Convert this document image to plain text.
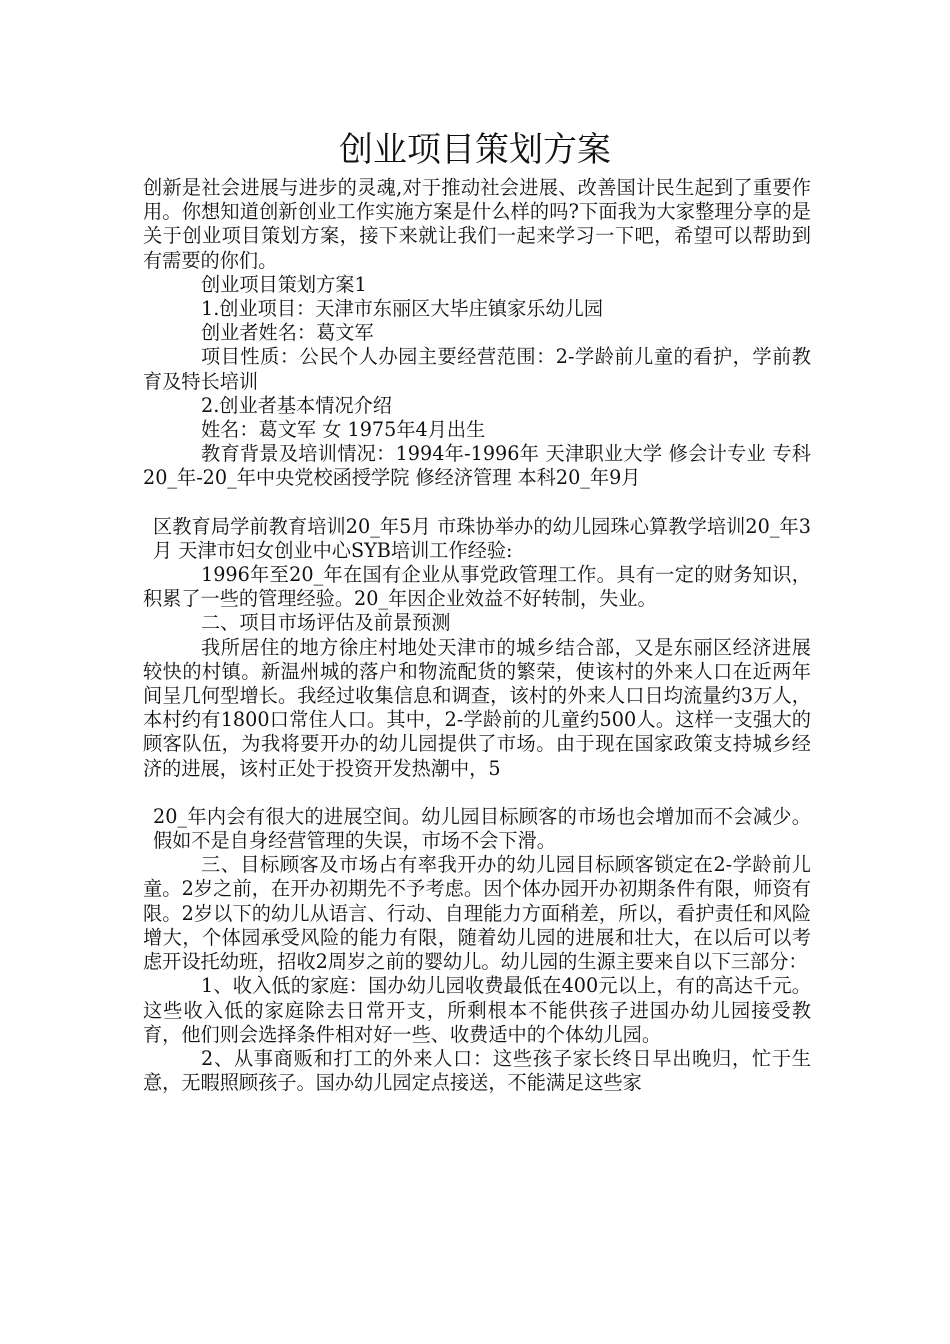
创业项目策划方案

创新是社会进展与进步的灵魂,对于推动社会进展、改善国计民生起到了重要作用。你想知道创新创业工作实施方案是什么样的吗?下面我为大家整理分享的是关于创业项目策划方案，接下来就让我们一起来学习一下吧，希望可以帮助到有需要的你们。

创业项目策划方案1

1.创业项目：天津市东丽区大毕庄镇家乐幼儿园

创业者姓名：葛文军

项目性质：公民个人办园主要经营范围：2-学龄前儿童的看护，学前教育及特长培训

2.创业者基本情况介绍

姓名：葛文军 女 1975年4月出生

教育背景及培训情况：1994年-1996年 天津职业大学 修会计专业 专科20_年-20_年中央党校函授学院 修经济管理 本科20_年9月

区教育局学前教育培训20_年5月 市珠协举办的幼儿园珠心算教学培训20_年3月 天津市妇女创业中心SYB培训工作经验:

1996年至20_年在国有企业从事党政管理工作。具有一定的财务知识，积累了一些的管理经验。20_年因企业效益不好转制，失业。

二、项目市场评估及前景预测

我所居住的地方徐庄村地处天津市的城乡结合部，又是东丽区经济进展较快的村镇。新温州城的落户和物流配货的繁荣，使该村的外来人口在近两年间呈几何型增长。我经过收集信息和调查，该村的外来人口日均流量约3万人，本村约有1800口常住人口。其中，2-学龄前的儿童约500人。这样一支强大的顾客队伍，为我将要开办的幼儿园提供了市场。由于现在国家政策支持城乡经济的进展，该村正处于投资开发热潮中，5

20_年内会有很大的进展空间。幼儿园目标顾客的市场也会增加而不会减少。假如不是自身经营管理的失误，市场不会下滑。

三、目标顾客及市场占有率我开办的幼儿园目标顾客锁定在2-学龄前儿童。2岁之前，在开办初期先不予考虑。因个体办园开办初期条件有限，师资有限。2岁以下的幼儿从语言、行动、自理能力方面稍差，所以，看护责任和风险增大，个体园承受风险的能力有限，随着幼儿园的进展和壮大，在以后可以考虑开设托幼班，招收2周岁之前的婴幼儿。幼儿园的生源主要来自以下三部分：

1、收入低的家庭：国办幼儿园收费最低在400元以上，有的高达千元。这些收入低的家庭除去日常开支，所剩根本不能供孩子进国办幼儿园接受教育，他们则会选择条件相对好一些、收费适中的个体幼儿园。

2、从事商贩和打工的外来人口：这些孩子家长终日早出晚归，忙于生意，无暇照顾孩子。国办幼儿园定点接送，不能满足这些家
